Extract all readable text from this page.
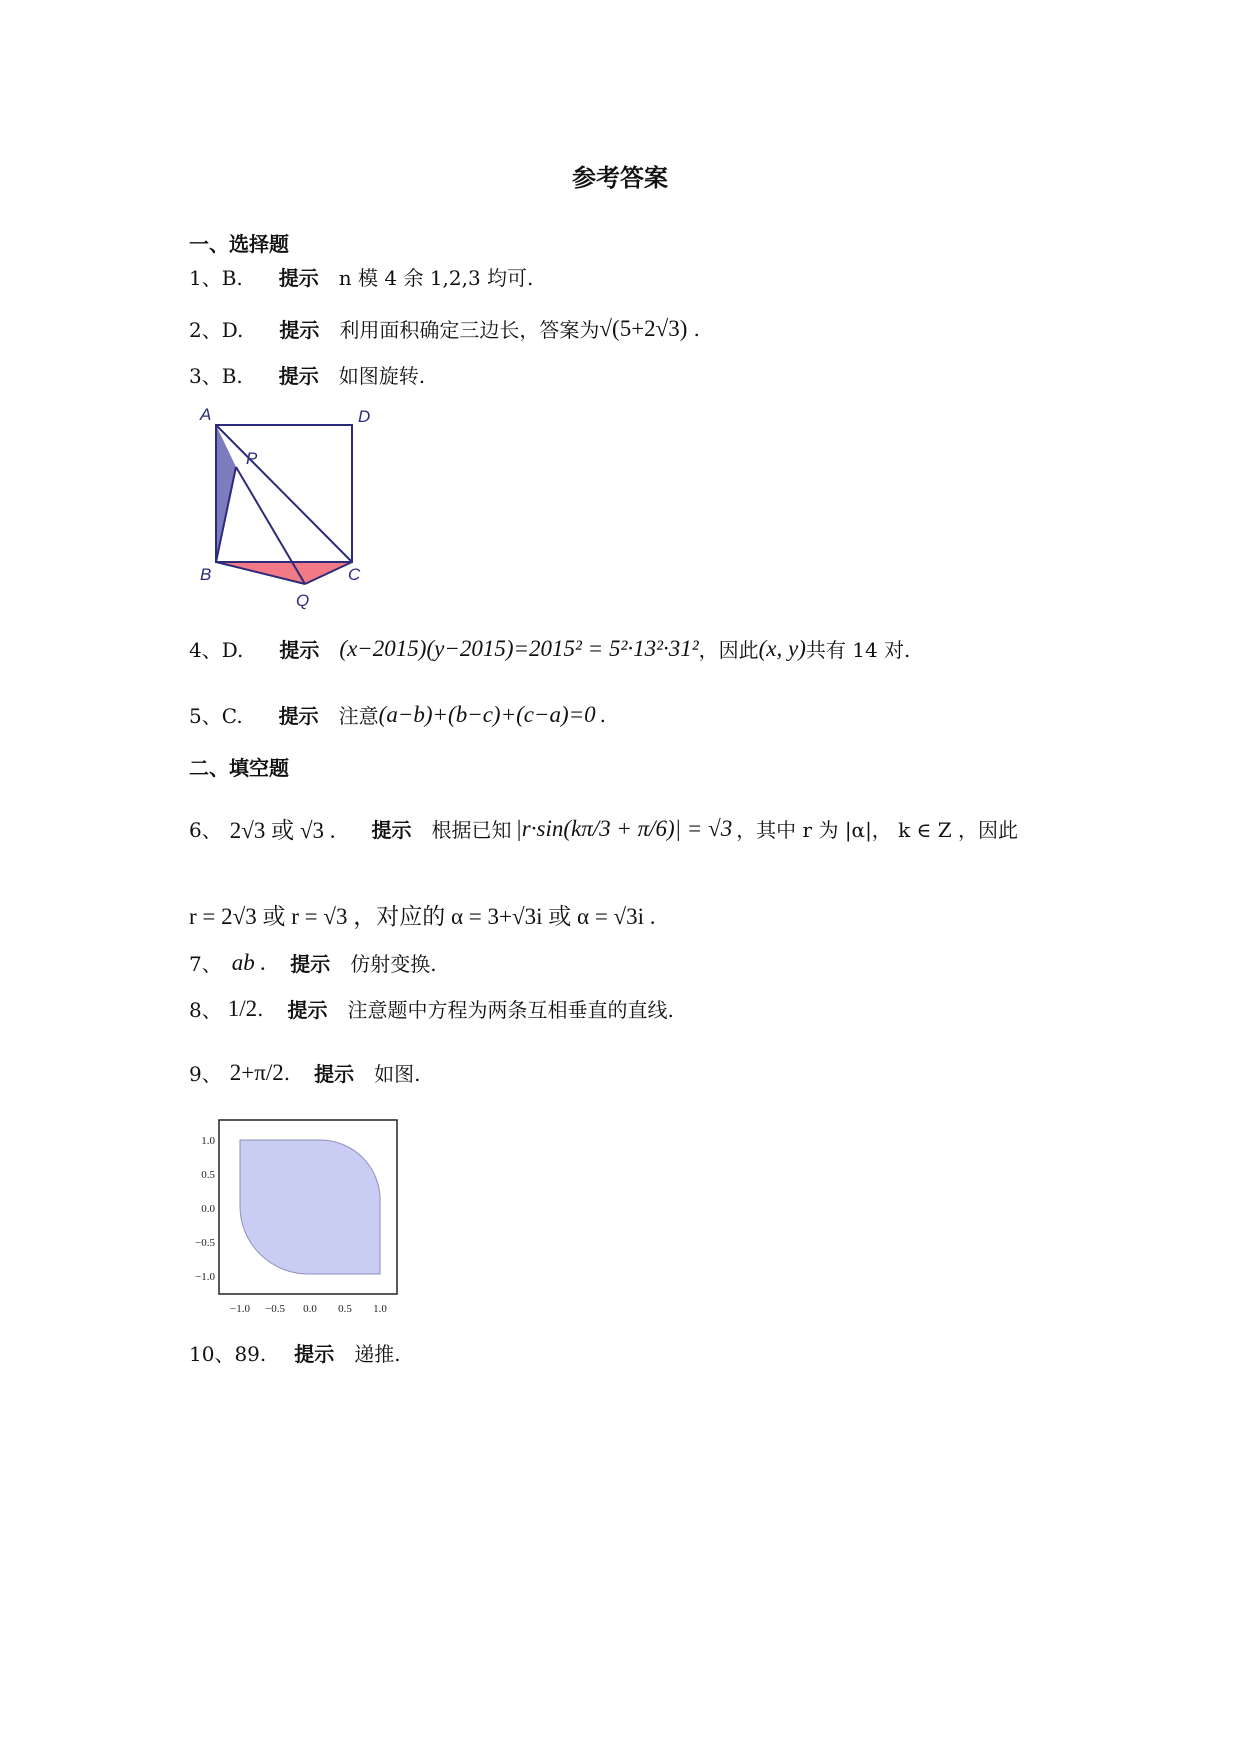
参考答案
一、选择题
1、B. 提示 n 模 4 余 1,2,3 均可.
2、D. 提示 利用面积确定三边长，答案为 √(5+2√3) .
3、B. 提示 如图旋转.
A	D
P
B	C
Q
4、D. 提示 (x−2015)(y−2015)=2015² = 5²·13²·31² ，因此 (x, y) 共有 14 对.
5、C. 提示 注意 (a−b)+(b−c)+(c−a)=0 .
二、填空题
6、 2√3 或 √3 . 提示 根据已知 |r·sin(kπ/3 + π/6)| = √3 ，其中 r 为 |α|， k ∈ Z ，因此
r = 2√3 或 r = √3 ，对应的 α = 3+√3i 或 α = √3i .
7、 ab . 提示 仿射变换.
8、 1/2 . 提示 注意题中方程为两条互相垂直的直线.
9、 2+π/2 . 提示 如图.
1.0
0.5
0.0
−0.5
−1.0
−1.0 −0.5 0.0 0.5 1.0
10、89. 提示 递推.
